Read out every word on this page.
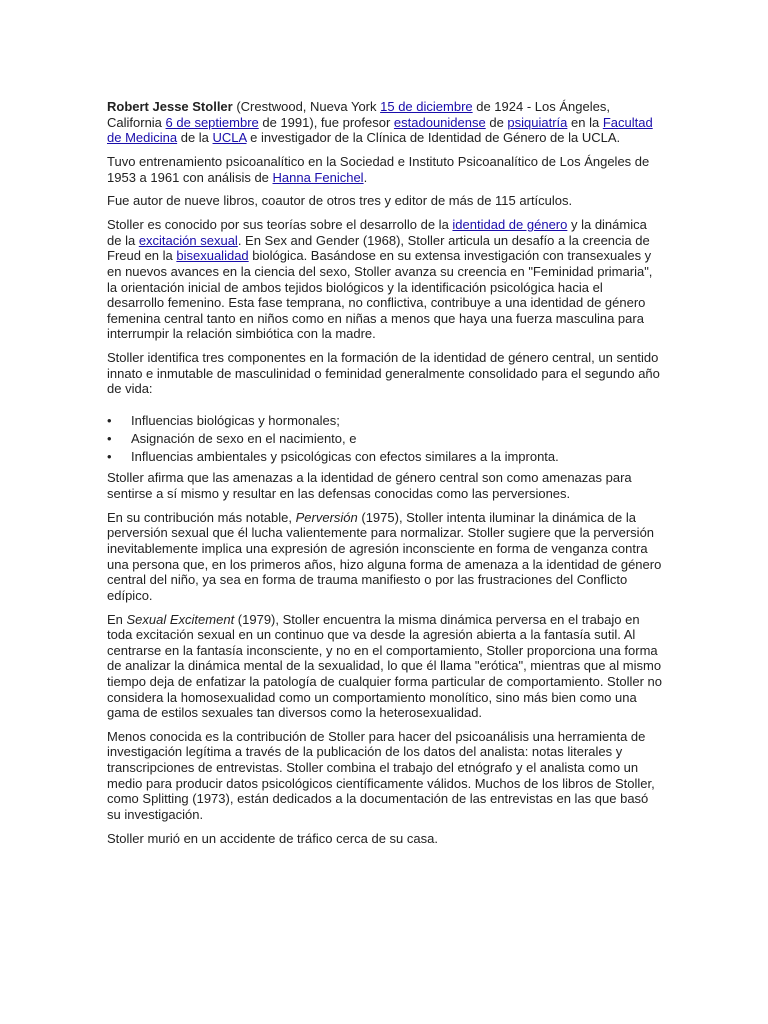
Robert Jesse Stoller (Crestwood, Nueva York 15 de diciembre de 1924 - Los Ángeles, California 6 de septiembre de 1991), fue profesor estadounidense de psiquiatría en la Facultad de Medicina de la UCLA e investigador de la Clínica de Identidad de Género de la UCLA.

Tuvo entrenamiento psicoanalítico en la Sociedad e Instituto Psicoanalítico de Los Ángeles de 1953 a 1961 con análisis de Hanna Fenichel.

Fue autor de nueve libros, coautor de otros tres y editor de más de 115 artículos.

Stoller es conocido por sus teorías sobre el desarrollo de la identidad de género y la dinámica de la excitación sexual. En Sex and Gender (1968), Stoller articula un desafío a la creencia de Freud en la bisexualidad biológica. Basándose en su extensa investigación con transexuales y en nuevos avances en la ciencia del sexo, Stoller avanza su creencia en "Feminidad primaria", la orientación inicial de ambos tejidos biológicos y la identificación psicológica hacia el desarrollo femenino. Esta fase temprana, no conflictiva, contribuye a una identidad de género femenina central tanto en niños como en niñas a menos que haya una fuerza masculina para interrumpir la relación simbiótica con la madre.

Stoller identifica tres componentes en la formación de la identidad de género central, un sentido innato e inmutable de masculinidad o feminidad generalmente consolidado para el segundo año de vida:

• Influencias biológicas y hormonales;
• Asignación de sexo en el nacimiento, e
• Influencias ambientales y psicológicas con efectos similares a la impronta.

Stoller afirma que las amenazas a la identidad de género central son como amenazas para sentirse a sí mismo y resultar en las defensas conocidas como las perversiones.

En su contribución más notable, Perversión (1975), Stoller intenta iluminar la dinámica de la perversión sexual que él lucha valientemente para normalizar. Stoller sugiere que la perversión inevitablemente implica una expresión de agresión inconsciente en forma de venganza contra una persona que, en los primeros años, hizo alguna forma de amenaza a la identidad de género central del niño, ya sea en forma de trauma manifiesto o por las frustraciones del Conflicto edípico.

En Sexual Excitement (1979), Stoller encuentra la misma dinámica perversa en el trabajo en toda excitación sexual en un continuo que va desde la agresión abierta a la fantasía sutil. Al centrarse en la fantasía inconsciente, y no en el comportamiento, Stoller proporciona una forma de analizar la dinámica mental de la sexualidad, lo que él llama "erótica", mientras que al mismo tiempo deja de enfatizar la patología de cualquier forma particular de comportamiento. Stoller no considera la homosexualidad como un comportamiento monolítico, sino más bien como una gama de estilos sexuales tan diversos como la heterosexualidad.

Menos conocida es la contribución de Stoller para hacer del psicoanálisis una herramienta de investigación legítima a través de la publicación de los datos del analista: notas literales y transcripciones de entrevistas. Stoller combina el trabajo del etnógrafo y el analista como un medio para producir datos psicológicos científicamente válidos. Muchos de los libros de Stoller, como Splitting (1973), están dedicados a la documentación de las entrevistas en las que basó su investigación.

Stoller murió en un accidente de tráfico cerca de su casa.
